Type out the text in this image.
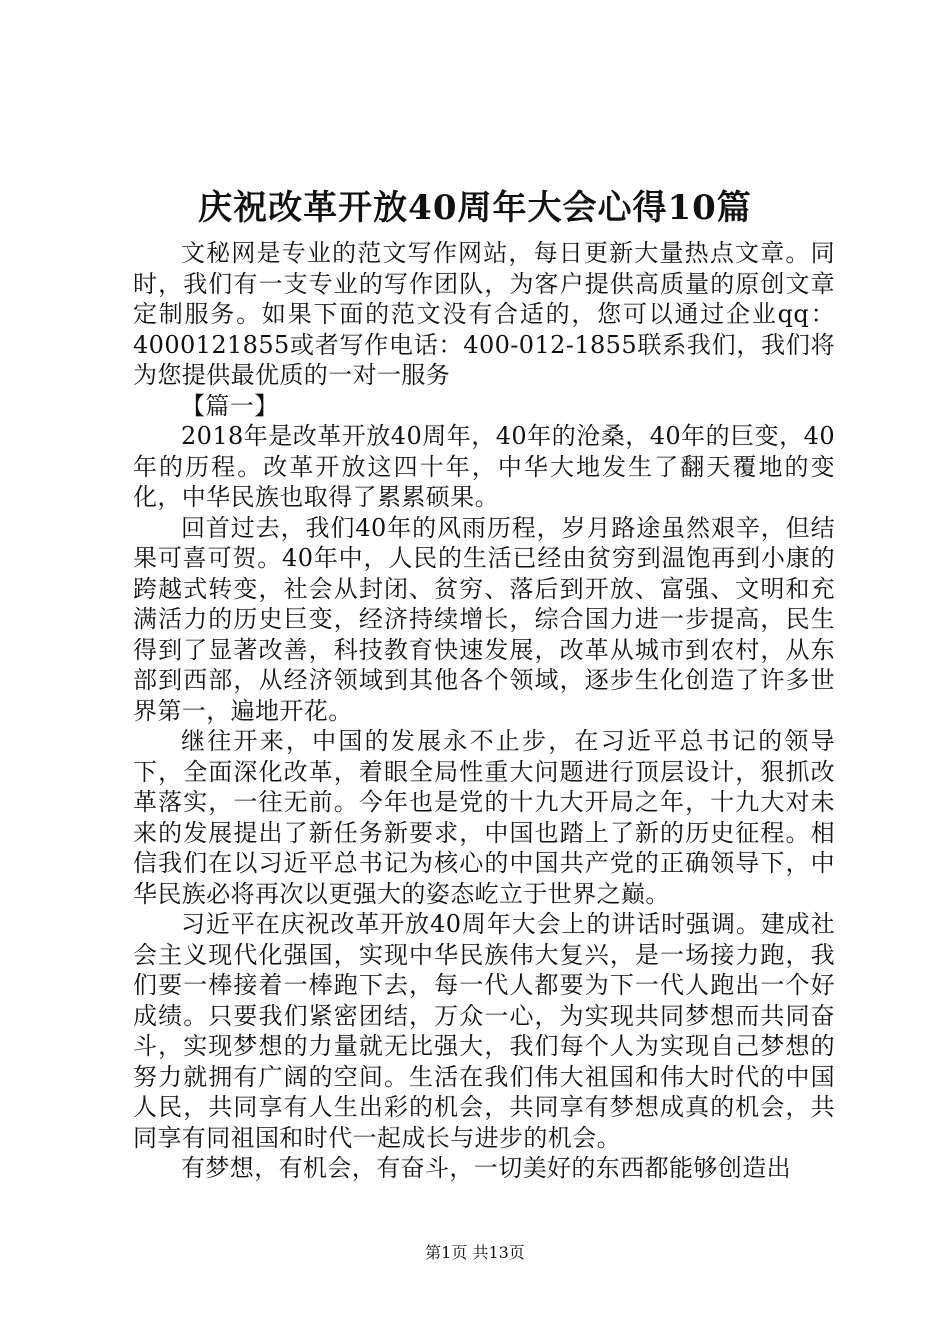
庆祝改革开放40周年大会心得10篇

文秘网是专业的范文写作网站，每日更新大量热点文章。同时，我们有一支专业的写作团队，为客户提供高质量的原创文章定制服务。如果下面的范文没有合适的，您可以通过企业qq：4000121855或者写作电话：400-012-1855联系我们，我们将为您提供最优质的一对一服务

【篇一】

2018年是改革开放40周年，40年的沧桑，40年的巨变，40年的历程。改革开放这四十年，中华大地发生了翻天覆地的变化，中华民族也取得了累累硕果。

回首过去，我们40年的风雨历程，岁月路途虽然艰辛，但结果可喜可贺。40年中，人民的生活已经由贫穷到温饱再到小康的跨越式转变，社会从封闭、贫穷、落后到开放、富强、文明和充满活力的历史巨变，经济持续增长，综合国力进一步提高，民生得到了显著改善，科技教育快速发展，改革从城市到农村，从东部到西部，从经济领域到其他各个领域，逐步生化创造了许多世界第一，遍地开花。

继往开来，中国的发展永不止步，在习近平总书记的领导下，全面深化改革，着眼全局性重大问题进行顶层设计，狠抓改革落实，一往无前。今年也是党的十九大开局之年，十九大对未来的发展提出了新任务新要求，中国也踏上了新的历史征程。相信我们在以习近平总书记为核心的中国共产党的正确领导下，中华民族必将再次以更强大的姿态屹立于世界之巅。

习近平在庆祝改革开放40周年大会上的讲话时强调。建成社会主义现代化强国，实现中华民族伟大复兴，是一场接力跑，我们要一棒接着一棒跑下去，每一代人都要为下一代人跑出一个好成绩。只要我们紧密团结，万众一心，为实现共同梦想而共同奋斗，实现梦想的力量就无比强大，我们每个人为实现自己梦想的努力就拥有广阔的空间。生活在我们伟大祖国和伟大时代的中国人民，共同享有人生出彩的机会，共同享有梦想成真的机会，共同享有同祖国和时代一起成长与进步的机会。

有梦想，有机会，有奋斗，一切美好的东西都能够创造出

第1页 共13页
